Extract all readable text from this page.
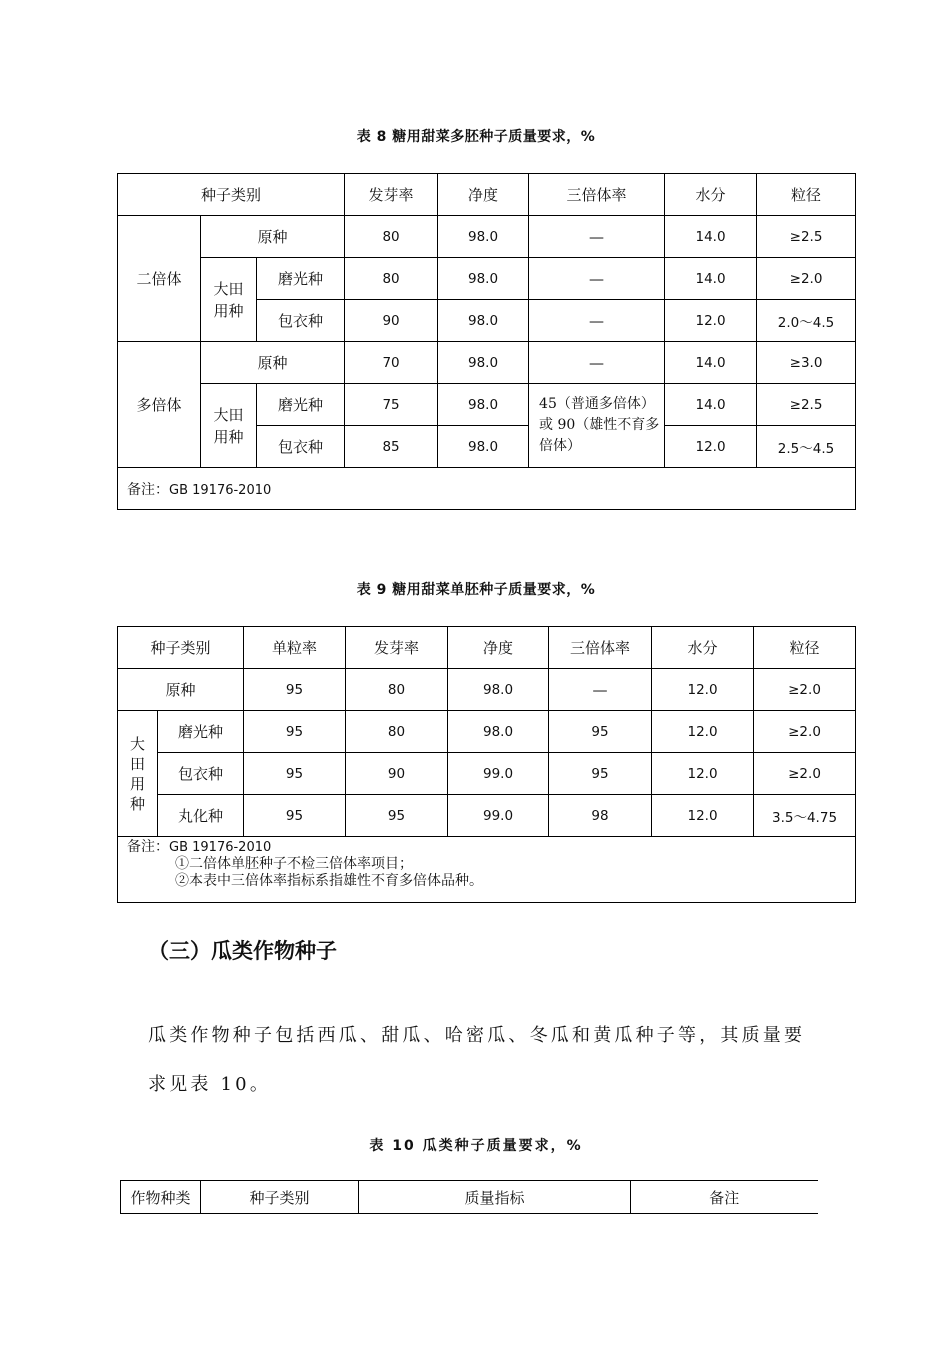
表 8 糖用甜菜多胚种子质量要求，%
种子类别			发芽率	净度	三倍体率	水分	粒径
二倍体	原种		80	98.0	—	14.0	≥2.5

	大田用种	磨光种	80	98.0	—	14.0	≥2.0
		包衣种	90	98.0	—	12.0	2.0～4.5
多倍体	原种		70	98.0	—	14.0	≥3.0

	大田用种	磨光种	75	98.0	45（普通多倍体）或 90（雄性不育多倍体）	14.0	≥2.5
		包衣种	85	98.0		12.0	2.5～4.5
备注：GB 19176-2010							
表 9 糖用甜菜单胚种子质量要求，%
种子类别		单粒率	发芽率	净度	三倍体率	水分	粒径
原种		95	80	98.0	—	12.0	≥2.0

大田用种	磨光种	95	80	98.0	95	12.0	≥2.0
	包衣种	95	90	99.0	95	12.0	≥2.0
	丸化种	95	95	99.0	98	12.0	3.5～4.75

备注：GB 19176-2010
①二倍体单胚种子不检三倍体率项目；
②本表中三倍体率指标系指雄性不育多倍体品种。							
（三）瓜类作物种子

瓜类作物种子包括西瓜、甜瓜、哈密瓜、冬瓜和黄瓜种子等，其质量要

求见表 10。

表 10 瓜类种子质量要求，%
作物种类	种子类别	质量指标	备注
